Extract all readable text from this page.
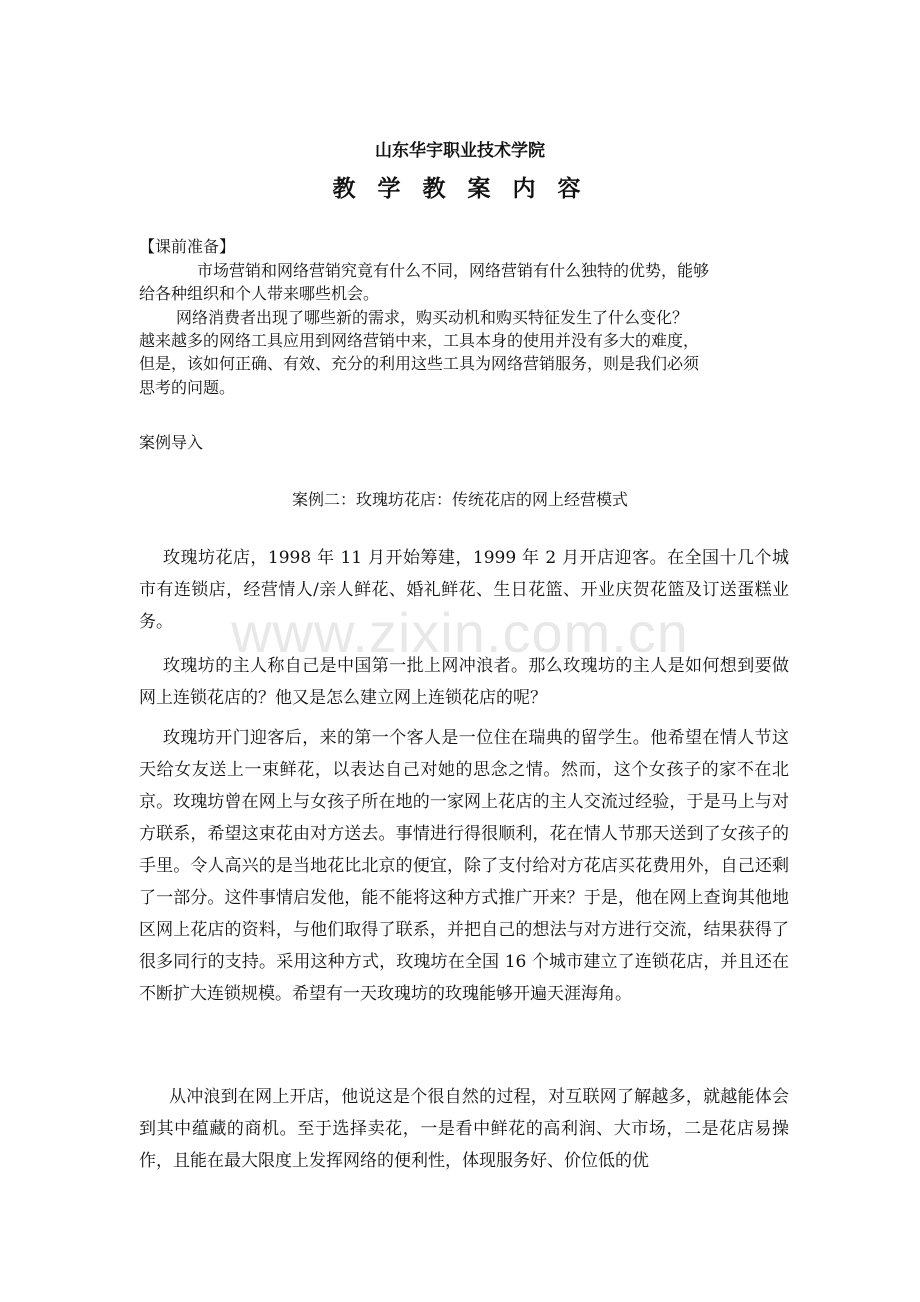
www.zixin.com.cn
山东华宇职业技术学院
教 学 教 案 内 容
【课前准备】
市场营销和网络营销究竟有什么不同，网络营销有什么独特的优势，能够
给各种组织和个人带来哪些机会。
网络消费者出现了哪些新的需求，购买动机和购买特征发生了什么变化？
越来越多的网络工具应用到网络营销中来，工具本身的使用并没有多大的难度，
但是，该如何正确、有效、充分的利用这些工具为网络营销服务，则是我们必须
思考的问题。
案例导入
案例二：玫瑰坊花店：传统花店的网上经营模式
玫瑰坊花店，1998 年 11 月开始筹建，1999 年 2 月开店迎客。在全国十几个城市有连锁店，经营情人/亲人鲜花、婚礼鲜花、生日花篮、开业庆贺花篮及订送蛋糕业务。
玫瑰坊的主人称自己是中国第一批上网冲浪者。那么玫瑰坊的主人是如何想到要做网上连锁花店的？他又是怎么建立网上连锁花店的呢？
玫瑰坊开门迎客后，来的第一个客人是一位住在瑞典的留学生。他希望在情人节这天给女友送上一束鲜花，以表达自己对她的思念之情。然而，这个女孩子的家不在北京。玫瑰坊曾在网上与女孩子所在地的一家网上花店的主人交流过经验，于是马上与对方联系，希望这束花由对方送去。事情进行得很顺利，花在情人节那天送到了女孩子的手里。令人高兴的是当地花比北京的便宜，除了支付给对方花店买花费用外，自己还剩了一部分。这件事情启发他，能不能将这种方式推广开来？于是，他在网上查询其他地区网上花店的资料，与他们取得了联系，并把自己的想法与对方进行交流，结果获得了很多同行的支持。采用这种方式，玫瑰坊在全国 16 个城市建立了连锁花店，并且还在不断扩大连锁规模。希望有一天玫瑰坊的玫瑰能够开遍天涯海角。
从冲浪到在网上开店，他说这是个很自然的过程，对互联网了解越多，就越能体会到其中蕴藏的商机。至于选择卖花，一是看中鲜花的高利润、大市场，二是花店易操作，且能在最大限度上发挥网络的便利性，体现服务好、价位低的优
